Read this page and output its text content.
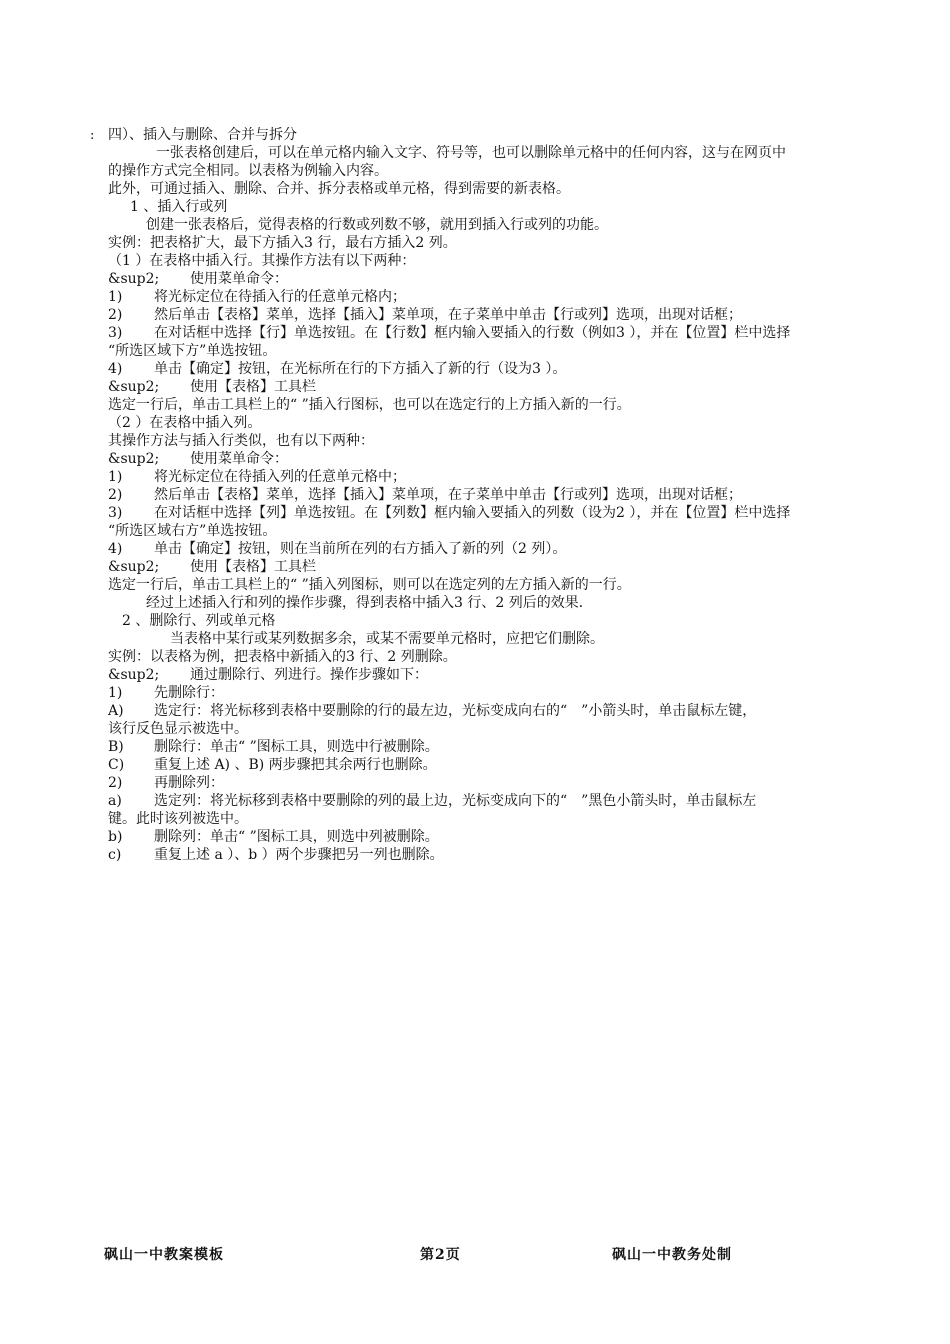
: 四）、插入与删除、合并与拆分
一张表格创建后，可以在单元格内输入文字、符号等，也可以删除单元格中的任何内容，这与在网页中
的操作方式完全相同。以表格为例输入内容。
此外，可通过插入、删除、合并、拆分表格或单元格，得到需要的新表格。
1 、插入行或列
创建一张表格后，觉得表格的行数或列数不够，就用到插入行或列的功能。
实例：把表格扩大，最下方插入3 行，最右方插入2 列。
（1 ）在表格中插入行。其操作方法有以下两种：
&sup2; 使用菜单命令：
1) 将光标定位在待插入行的任意单元格内；
2) 然后单击【表格】菜单，选择【插入】菜单项，在子菜单中单击【行或列】选项，出现对话框；
3) 在对话框中选择【行】单选按钮。在【行数】框内输入要插入的行数（例如3 ），并在【位置】栏中选择
“所选区域下方”单选按钮。
4) 单击【确定】按钮，在光标所在行的下方插入了新的行（设为3 ）。
&sup2; 使用【表格】工具栏
选定一行后，单击工具栏上的“ ”插入行图标，也可以在选定行的上方插入新的一行。
（2 ）在表格中插入列。
其操作方法与插入行类似，也有以下两种：
&sup2; 使用菜单命令：
1) 将光标定位在待插入列的任意单元格中；
2) 然后单击【表格】菜单，选择【插入】菜单项，在子菜单中单击【行或列】选项，出现对话框；
3) 在对话框中选择【列】单选按钮。在【列数】框内输入要插入的列数（设为2 ），并在【位置】栏中选择
“所选区域右方”单选按钮。
4) 单击【确定】按钮，则在当前所在列的右方插入了新的列（2 列）。
&sup2; 使用【表格】工具栏
选定一行后，单击工具栏上的“ ”插入列图标，则可以在选定列的左方插入新的一行。
经过上述插入行和列的操作步骤，得到表格中插入3 行、2 列后的效果．
2 、删除行、列或单元格
当表格中某行或某列数据多余，或某不需要单元格时，应把它们删除。
实例：以表格为例，把表格中新插入的3 行、2 列删除。
&sup2; 通过删除行、列进行。操作步骤如下：
1) 先删除行：
A) 选定行：将光标移到表格中要删除的行的最左边，光标变成向右的“　”小箭头时，单击鼠标左键，
该行反色显示被选中。
B) 删除行：单击“ ”图标工具，则选中行被删除。
C) 重复上述 A) 、B) 两步骤把其余两行也删除。
2) 再删除列：
a) 选定列：将光标移到表格中要删除的列的最上边，光标变成向下的“　”黑色小箭头时，单击鼠标左
键。此时该列被选中。
b) 删除列：单击“ ”图标工具，则选中列被删除。
c) 重复上述 a ）、b ）两个步骤把另一列也删除。
砜山一中教案模板	第2页	砜山一中教务处制
